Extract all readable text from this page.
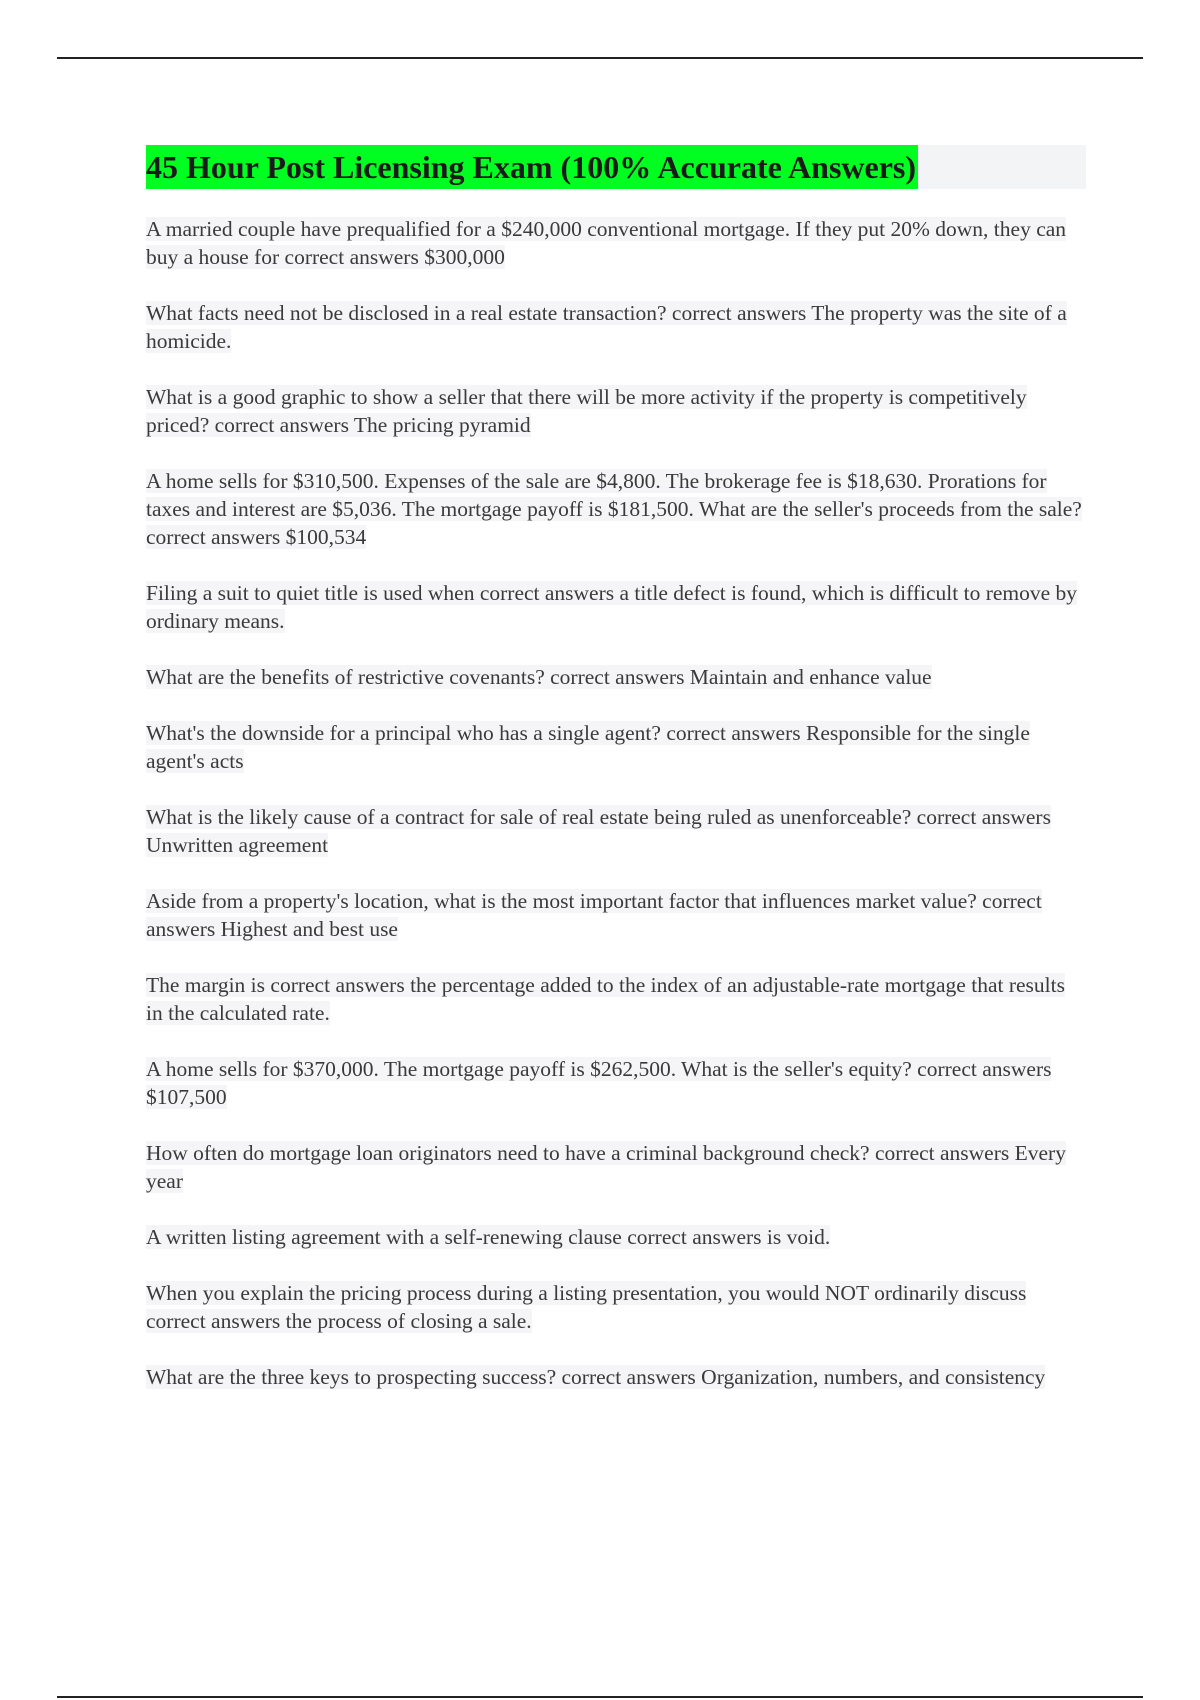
45 Hour Post Licensing Exam (100% Accurate Answers)
A married couple have prequalified for a $240,000 conventional mortgage. If they put 20% down, they can buy a house for correct answers $300,000
What facts need not be disclosed in a real estate transaction? correct answers The property was the site of a homicide.
What is a good graphic to show a seller that there will be more activity if the property is competitively priced? correct answers The pricing pyramid
A home sells for $310,500. Expenses of the sale are $4,800. The brokerage fee is $18,630. Prorations for taxes and interest are $5,036. The mortgage payoff is $181,500. What are the seller's proceeds from the sale? correct answers $100,534
Filing a suit to quiet title is used when correct answers a title defect is found, which is difficult to remove by ordinary means.
What are the benefits of restrictive covenants? correct answers Maintain and enhance value
What's the downside for a principal who has a single agent? correct answers Responsible for the single agent's acts
What is the likely cause of a contract for sale of real estate being ruled as unenforceable? correct answers Unwritten agreement
Aside from a property's location, what is the most important factor that influences market value? correct answers Highest and best use
The margin is correct answers the percentage added to the index of an adjustable-rate mortgage that results in the calculated rate.
A home sells for $370,000. The mortgage payoff is $262,500. What is the seller's equity? correct answers $107,500
How often do mortgage loan originators need to have a criminal background check? correct answers Every year
A written listing agreement with a self-renewing clause correct answers is void.
When you explain the pricing process during a listing presentation, you would NOT ordinarily discuss correct answers the process of closing a sale.
What are the three keys to prospecting success? correct answers Organization, numbers, and consistency
